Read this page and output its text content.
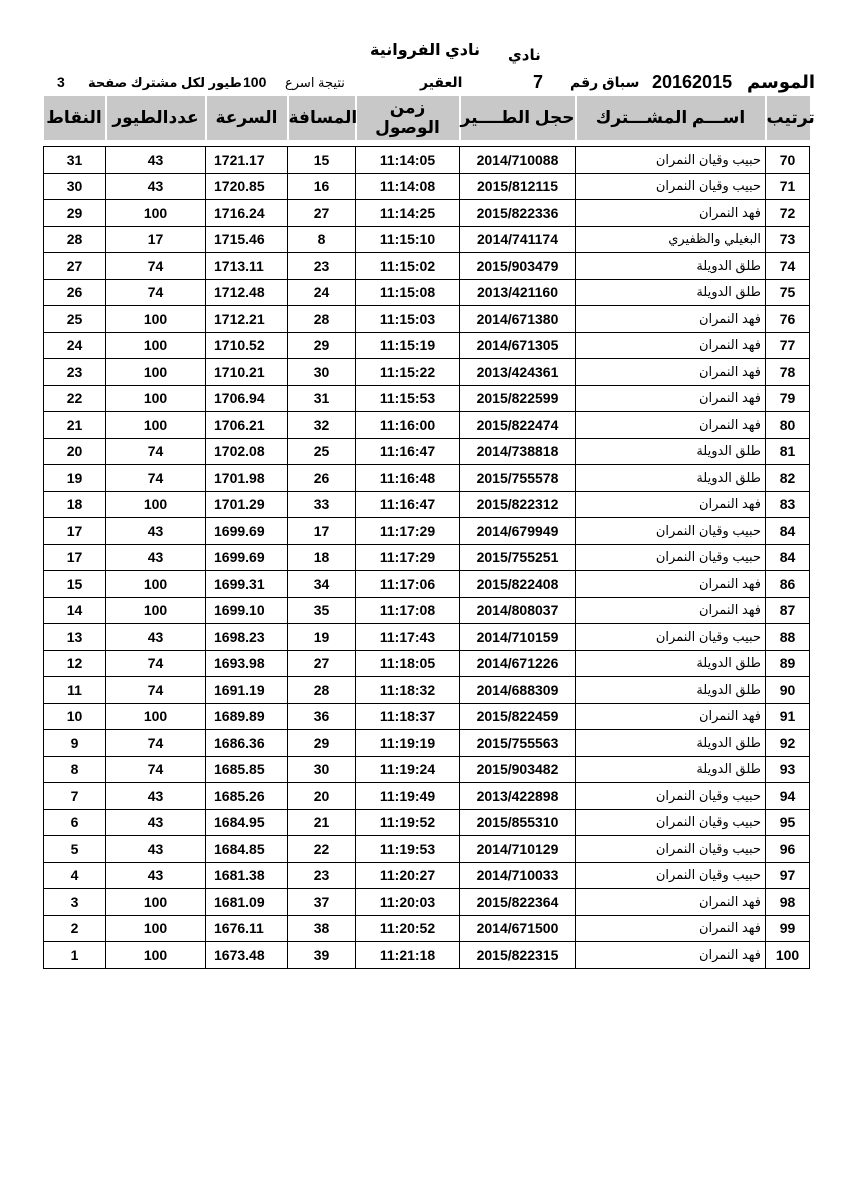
نادي الفروانية نادي
الموسم
20162015
سباق رقم
7
العقير
نتيجة اسرع
100
طيور لكل مشترك صفحة
3
النقاط	عددالطيور	السرعة	المسافة	زمن الوصول	حجل الطــــير	اســـم المشـــترك	ترتيب

31	43	1721.17	15	11:14:05	2014/710088	حبيب وقيان النمران	70
30	43	1720.85	16	11:14:08	2015/812115	حبيب وقيان النمران	71
29	100	1716.24	27	11:14:25	2015/822336	فهد النمران	72
28	17	1715.46	8	11:15:10	2014/741174	البغيلي والظفيري	73
27	74	1713.11	23	11:15:02	2015/903479	طلق الدويلة	74
26	74	1712.48	24	11:15:08	2013/421160	طلق الدويلة	75
25	100	1712.21	28	11:15:03	2014/671380	فهد النمران	76
24	100	1710.52	29	11:15:19	2014/671305	فهد النمران	77
23	100	1710.21	30	11:15:22	2013/424361	فهد النمران	78
22	100	1706.94	31	11:15:53	2015/822599	فهد النمران	79
21	100	1706.21	32	11:16:00	2015/822474	فهد النمران	80
20	74	1702.08	25	11:16:47	2014/738818	طلق الدويلة	81
19	74	1701.98	26	11:16:48	2015/755578	طلق الدويلة	82
18	100	1701.29	33	11:16:47	2015/822312	فهد النمران	83
17	43	1699.69	17	11:17:29	2014/679949	حبيب وقيان النمران	84
17	43	1699.69	18	11:17:29	2015/755251	حبيب وقيان النمران	84
15	100	1699.31	34	11:17:06	2015/822408	فهد النمران	86
14	100	1699.10	35	11:17:08	2014/808037	فهد النمران	87
13	43	1698.23	19	11:17:43	2014/710159	حبيب وقيان النمران	88
12	74	1693.98	27	11:18:05	2014/671226	طلق الدويلة	89
11	74	1691.19	28	11:18:32	2014/688309	طلق الدويلة	90
10	100	1689.89	36	11:18:37	2015/822459	فهد النمران	91
9	74	1686.36	29	11:19:19	2015/755563	طلق الدويلة	92
8	74	1685.85	30	11:19:24	2015/903482	طلق الدويلة	93
7	43	1685.26	20	11:19:49	2013/422898	حبيب وقيان النمران	94
6	43	1684.95	21	11:19:52	2015/855310	حبيب وقيان النمران	95
5	43	1684.85	22	11:19:53	2014/710129	حبيب وقيان النمران	96
4	43	1681.38	23	11:20:27	2014/710033	حبيب وقيان النمران	97
3	100	1681.09	37	11:20:03	2015/822364	فهد النمران	98
2	100	1676.11	38	11:20:52	2014/671500	فهد النمران	99
1	100	1673.48	39	11:21:18	2015/822315	فهد النمران	100
